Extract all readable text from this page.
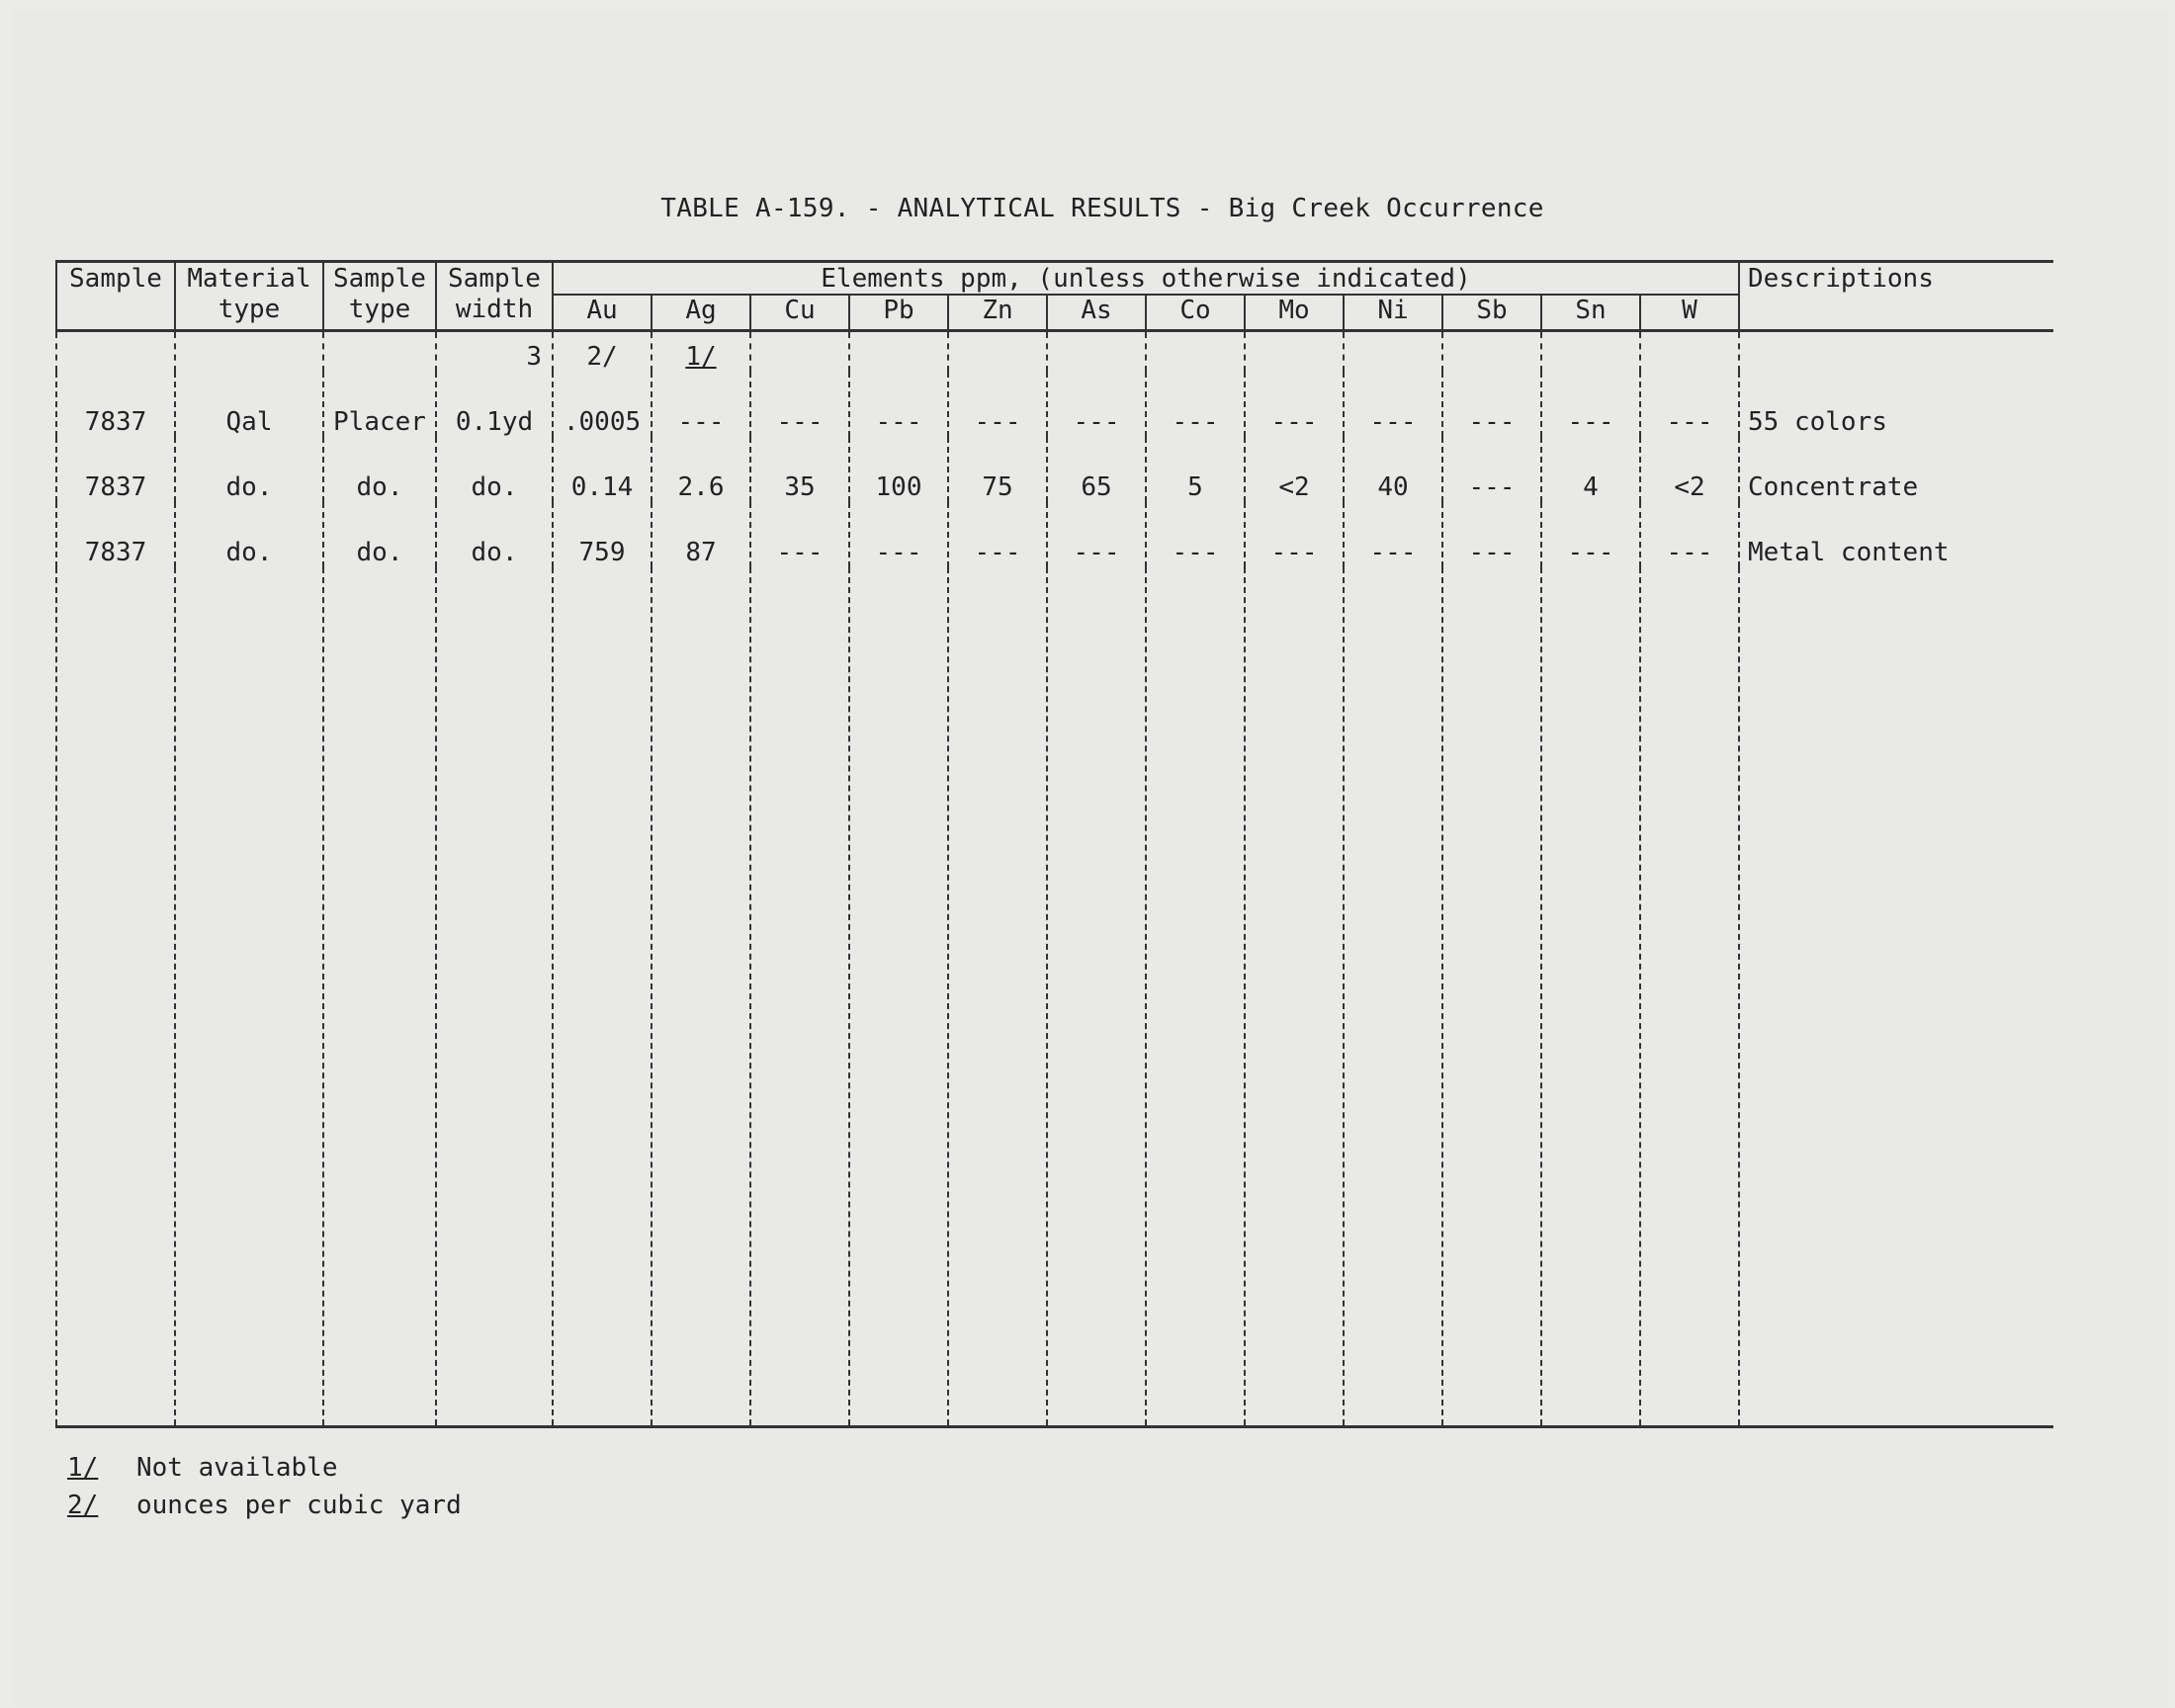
TABLE A-159. - ANALYTICAL RESULTS - Big Creek Occurrence
Sample	Material	Sample	Sample	Elements ppm, (unless otherwise indicated)												Descriptions
	type	type	width	Au	Ag	Cu	Pb	Zn	As	Co	Mo	Ni	Sb	Sn	W	
			3	2/	1/											
7837	Qal	Placer	0.1yd	.0005	---	---	---	---	---	---	---	---	---	---	---	55 colors
7837	do.	do.	do.	0.14	2.6	35	100	75	65	5	<2	40	---	4	<2	Concentrate
7837	do.	do.	do.	759	87	---	---	---	---	---	---	---	---	---	---	Metal content

1/	Not available
2/	ounces per cubic yard
